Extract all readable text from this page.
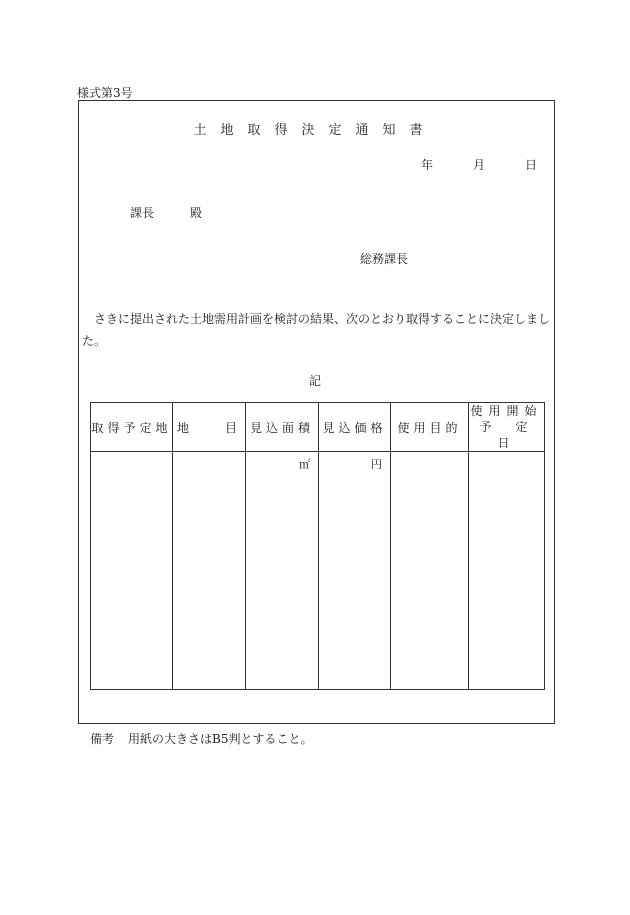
様式第3号
土地取得決定通知書
年	月	日
課長	殿
総務課長
さきに提出された土地需用計画を検討の結果、次のとおり取得することに決定しました。
記
取得予定地	地　　目	見込面積	見込価格	使用目的	使用開始
予　定　日

		㎡	円		

備考 用紙の大きさはB5判とすること。
